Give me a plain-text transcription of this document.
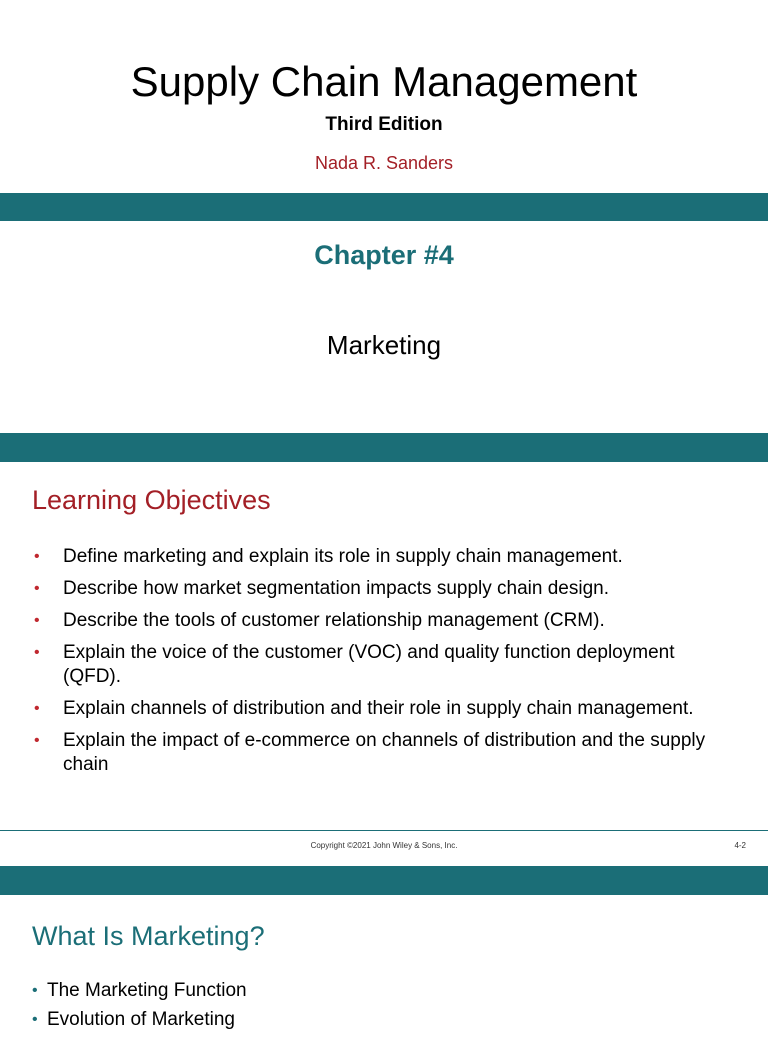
Supply Chain Management
Third Edition
Nada R. Sanders
Chapter #4
Marketing
Learning Objectives
• Define marketing and explain its role in supply chain management.
• Describe how market segmentation impacts supply chain design.
• Describe the tools of customer relationship management (CRM).
• Explain the voice of the customer (VOC) and quality function deployment (QFD).
• Explain channels of distribution and their role in supply chain management.
• Explain the impact of e-commerce on channels of distribution and the supply chain
Copyright ©2021 John Wiley & Sons, Inc.	4-2
What Is Marketing?
• The Marketing Function
• Evolution of Marketing
